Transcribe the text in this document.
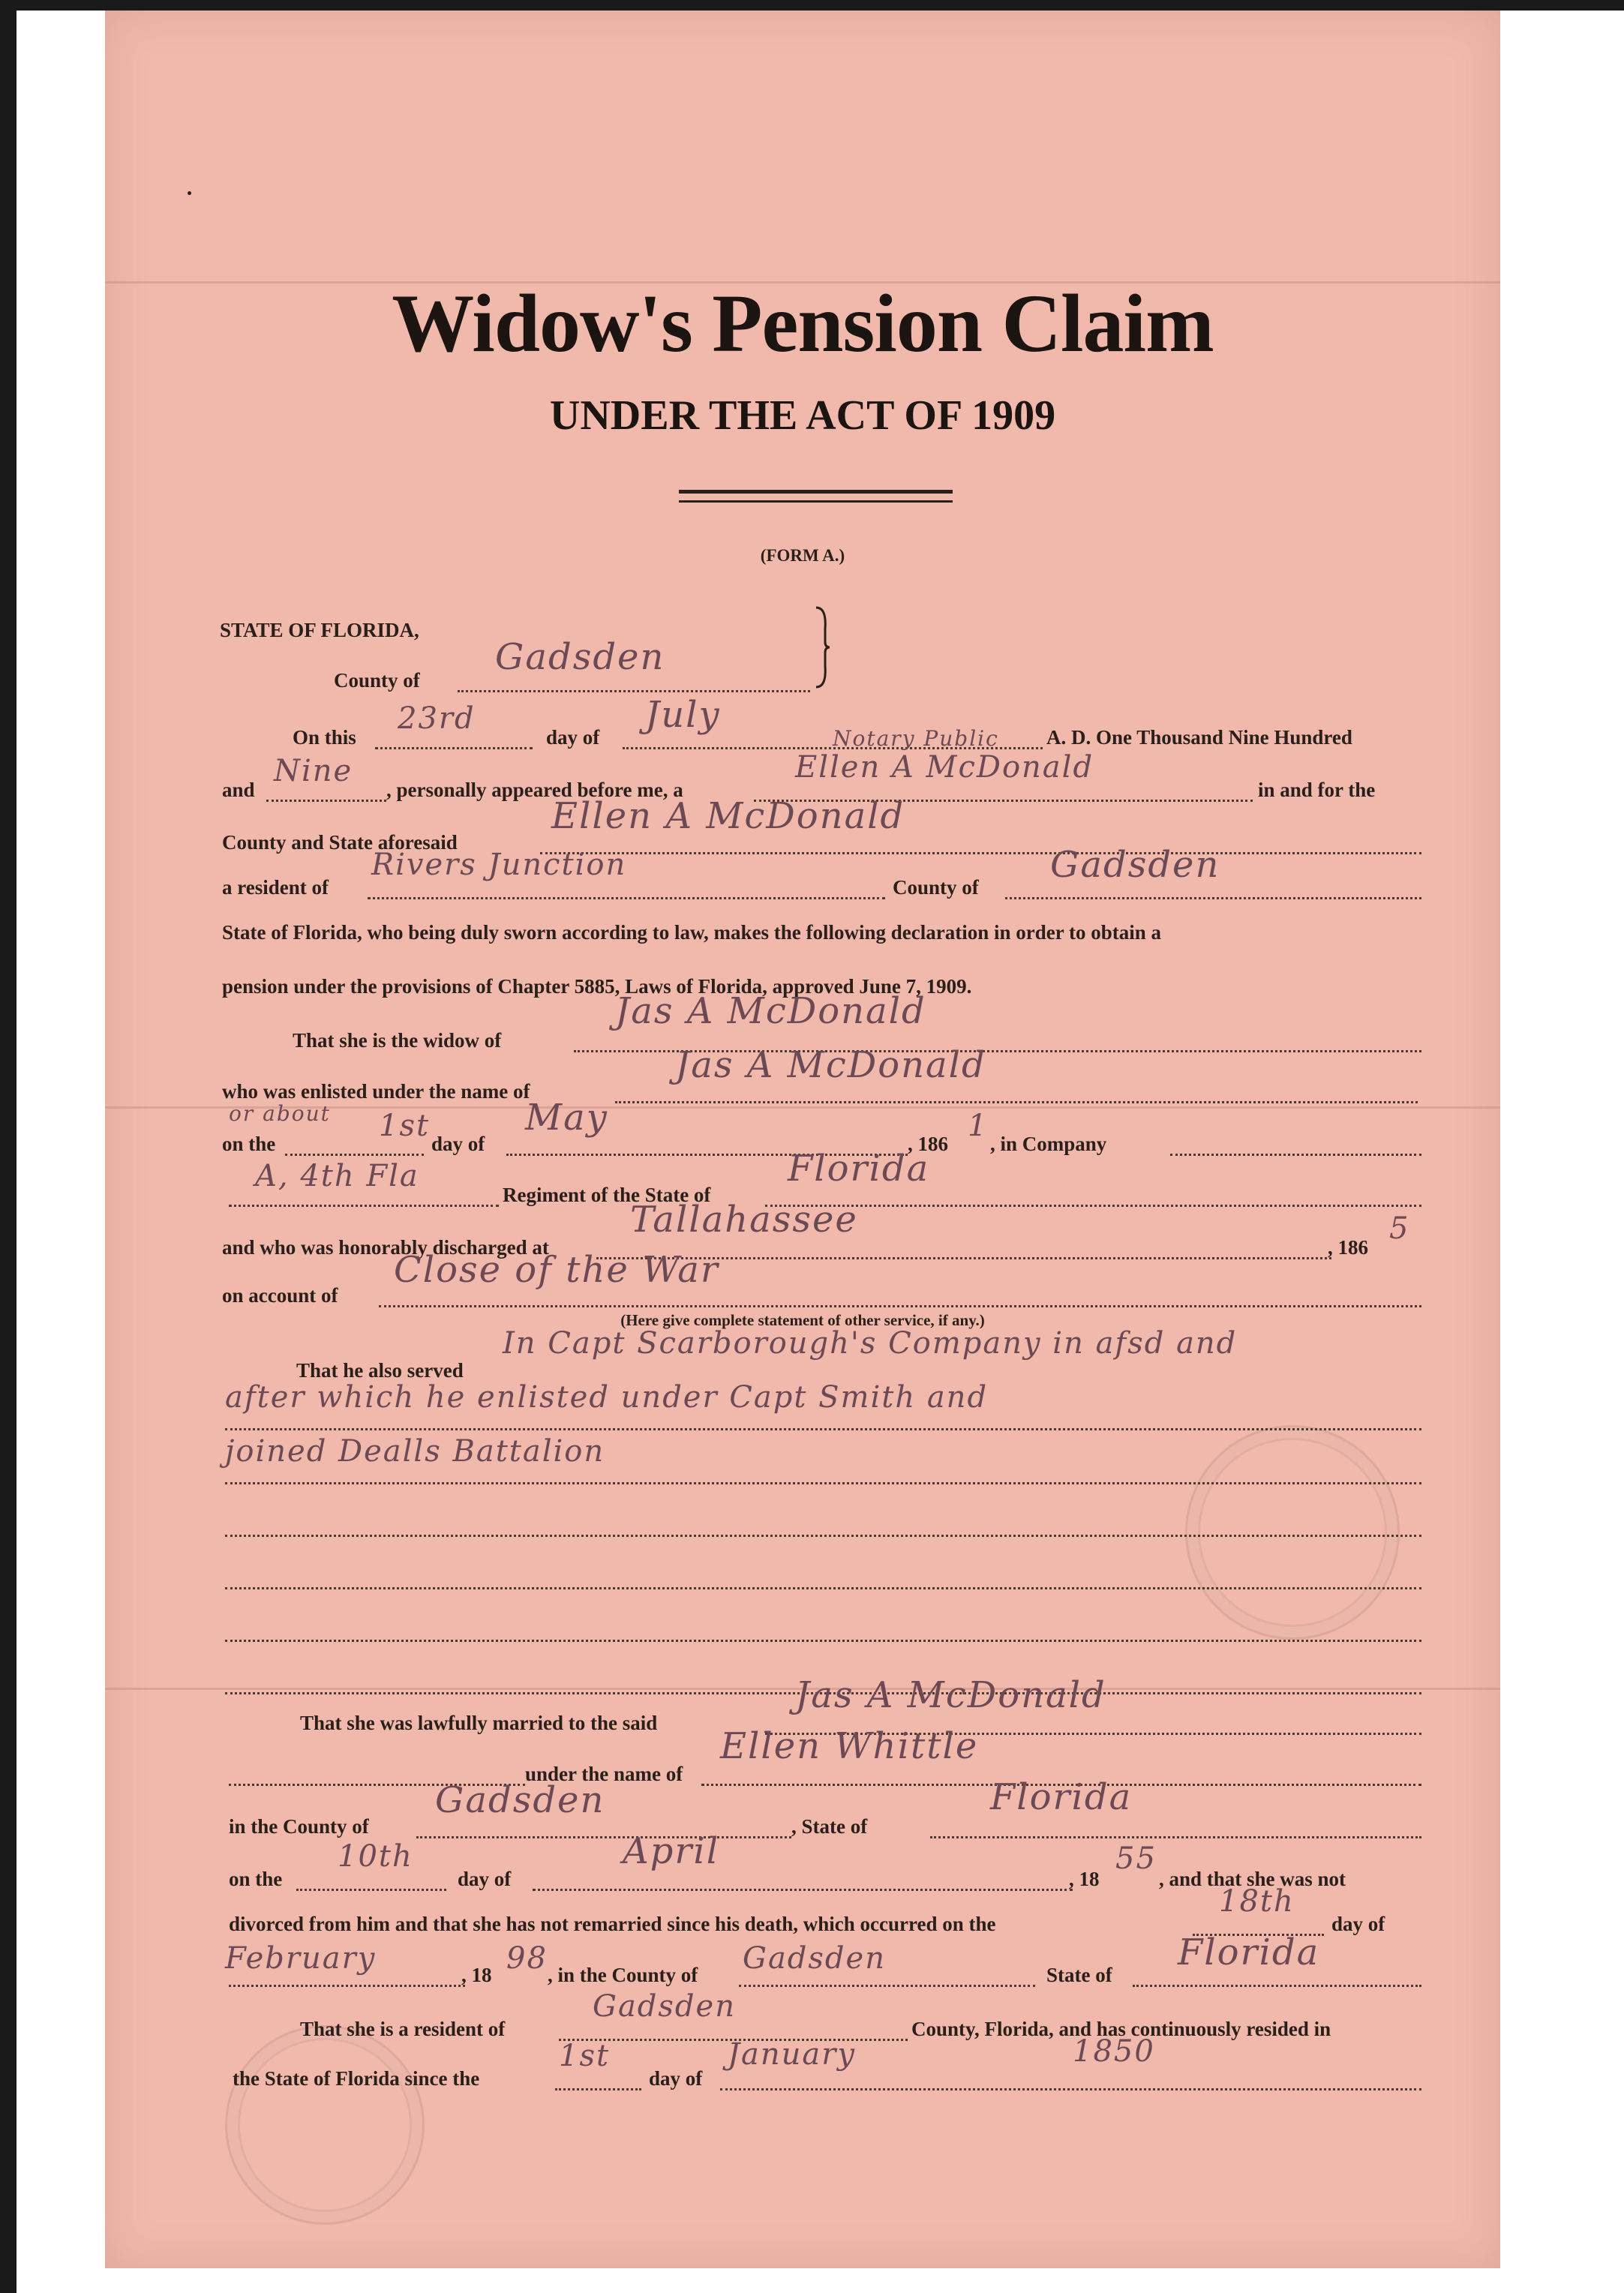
Widow's Pension Claim
UNDER THE ACT OF 1909
(FORM A.)
STATE OF FLORIDA,
County of
Gadsden
On this
23rd
day of
July
A. D. One Thousand Nine Hundred
and
Nine
, personally appeared before me, a
Notary Public
Ellen A McDonald
in and for the
County and State aforesaid
Ellen A McDonald
a resident of
Rivers Junction
County of
Gadsden
State of Florida, who being duly sworn according to law, makes the following declaration in order to obtain a
pension under the provisions of Chapter 5885, Laws of Florida, approved June 7, 1909.
That she is the widow of
Jas A McDonald
who was enlisted under the name of
Jas A McDonald
or about
on the
1st
day of
May
, 186
1
, in Company
A, 4th Fla
Regiment of the State of
Florida
and who was honorably discharged at
Tallahassee
, 186
5
on account of
Close of the War
(Here give complete statement of other service, if any.)
That he also served
In Capt Scarborough's Company in afsd and
after which he enlisted under Capt Smith and
joined Dealls Battalion
That she was lawfully married to the said
Jas A McDonald
under the name of
Ellen Whittle
in the County of
Gadsden
, State of
Florida
on the
10th
day of
April
, 18
55
, and that she was not
divorced from him and that she has not remarried since his death, which occurred on the
18th
day of
February	, 18 98 , in the County of Gadsden	State of
Florida
That she is a resident of
Gadsden
County, Florida, and has continuously resided in
the State of Florida since the
1st
day of
January	1850
